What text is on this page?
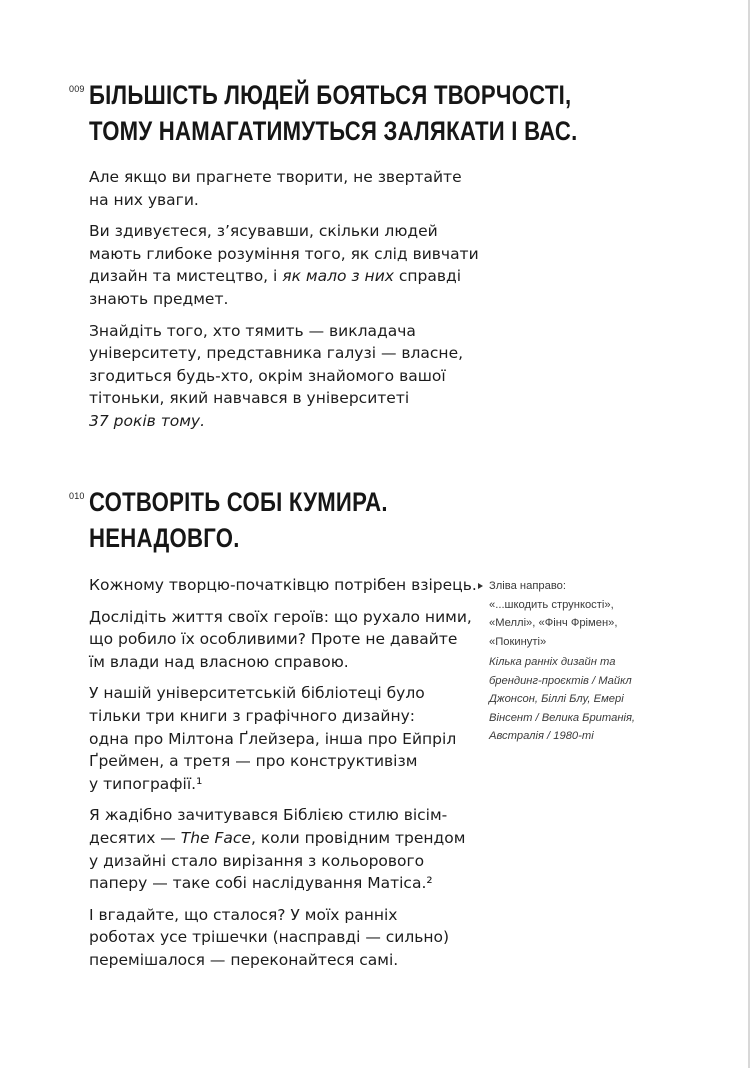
009 БІЛЬШІСТЬ ЛЮДЕЙ БОЯТЬСЯ ТВОРЧОСТІ,
ТОМУ НАМАГАТИМУТЬСЯ ЗАЛЯКАТИ І ВАС.

Але якщо ви прагнете творити, не звертайте
на них уваги.

Ви здивуєтеся, з’ясувавши, скільки людей
мають глибоке розуміння того, як слід вивчати
дизайн та мистецтво, і як мало з них справді
знають предмет.

Знайдіть того, хто тямить — викладача
університету, представника галузі — власне,
згодиться будь-хто, окрім знайомого вашої
тітоньки, який навчався в університеті
37 років тому.

010 СОТВОРІТЬ СОБІ КУМИРА.
НЕНАДОВГО.

Кожному творцю-початківцю потрібен взірець.

Дослідіть життя своїх героїв: що рухало ними,
що робило їх особливими? Проте не давайте
їм влади над власною справою.

У нашій університетській бібліотеці було
тільки три книги з графічного дизайну:
одна про Мілтона Ґлейзера, інша про Ейпріл
Ґреймен, а третя — про конструктивізм
у типографії.¹

Я жадібно зачитувався Біблією стилю вісім-
десятих — The Face, коли провідним трендом
у дизайні стало вирізання з кольорового
паперу — таке собі наслідування Матіса.²

І вгадайте, що сталося? У моїх ранніх
роботах усе трішечки (насправді — сильно)
перемішалося — переконайтеся самі.

Зліва направо:
«...шкодить стрункості»,
«Меллі», «Фінч Фрімен»,
«Покинуті»
Кілька ранніх дизайн та
брендинг-проєктів / Майкл
Джонсон, Біллі Блу, Емері
Вінсент / Велика Британія,
Австралія / 1980-ті
